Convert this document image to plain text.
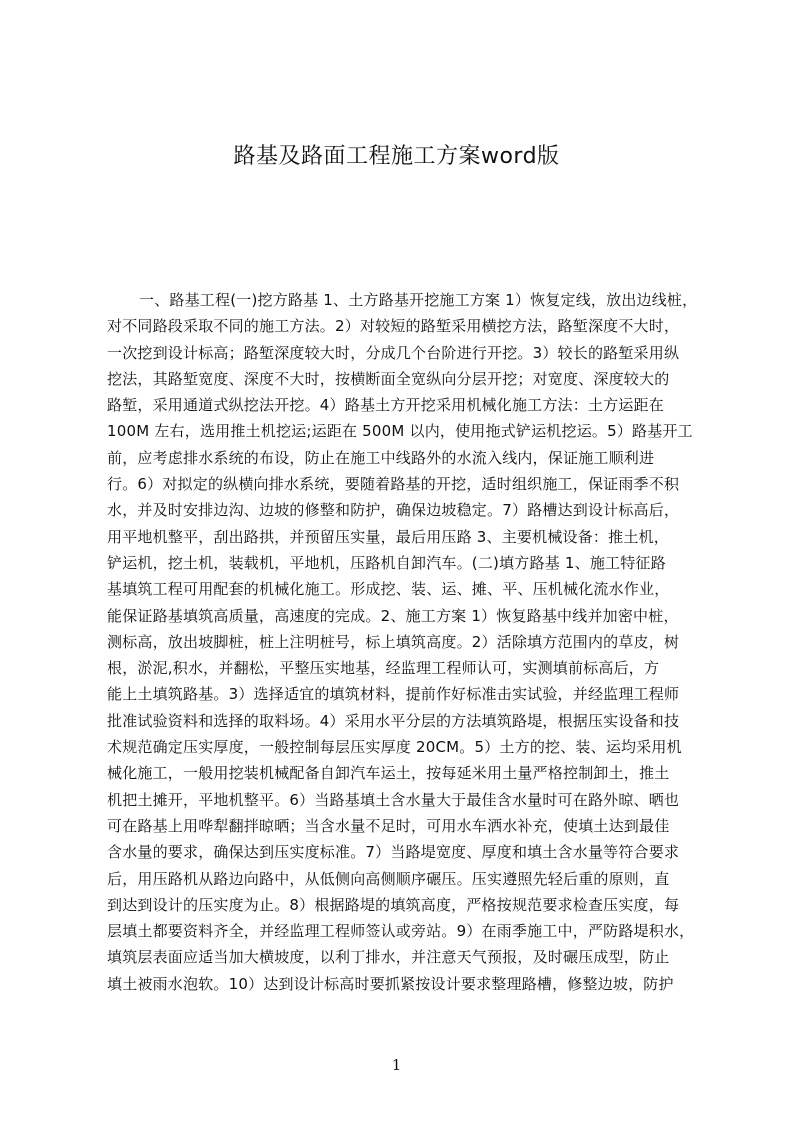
路基及路面工程施工方案word版
一、路基工程(一)挖方路基 1、土方路基开挖施工方案 1）恢复定线，放出边线桩，
对不同路段采取不同的施工方法。2）对较短的路堑采用横挖方法，路堑深度不大时，
一次挖到设计标高；路堑深度较大时，分成几个台阶进行开挖。3）较长的路堑采用纵
挖法，其路堑宽度、深度不大时，按横断面全宽纵向分层开挖；对宽度、深度较大的
路堑，采用通道式纵挖法开挖。4）路基土方开挖采用机械化施工方法：土方运距在
100M 左右，选用推土机挖运;运距在 500M 以内，使用拖式铲运机挖运。5）路基开工
前，应考虑排水系统的布设，防止在施工中线路外的水流入线内，保证施工顺利进
行。6）对拟定的纵横向排水系统，要随着路基的开挖，适时组织施工，保证雨季不积
水，并及时安排边沟、边坡的修整和防护，确保边坡稳定。7）路槽达到设计标高后，
用平地机整平，刮出路拱，并预留压实量，最后用压路 3、主要机械设备：推土机，
铲运机，挖土机，装载机，平地机，压路机自卸汽车。(二)填方路基 1、施工特征路
基填筑工程可用配套的机械化施工。形成挖、装、运、摊、平、压机械化流水作业，
能保证路基填筑高质量，高速度的完成。2、施工方案 1）恢复路基中线并加密中桩，
测标高，放出坡脚桩，桩上注明桩号，标上填筑高度。2）活除填方范围内的草皮，树
根，淤泥,积水，并翻松，平整压实地基，经监理工程师认可，实测填前标高后，方
能上土填筑路基。3）选择适宜的填筑材料，提前作好标准击实试验，并经监理工程师
批准试验资料和选择的取料场。4）采用水平分层的方法填筑路堤，根据压实设备和技
术规范确定压实厚度，一般控制每层压实厚度 20CM。5）土方的挖、装、运均采用机
械化施工，一般用挖装机械配备自卸汽车运土，按每延米用土量严格控制卸土，推土
机把土摊开，平地机整平。6）当路基填土含水量大于最佳含水量时可在路外晾、晒也
可在路基上用哗犁翻拌晾晒；当含水量不足时，可用水车洒水补充，使填土达到最佳
含水量的要求，确保达到压实度标准。7）当路堤宽度、厚度和填土含水量等符合要求
后，用压路机从路边向路中，从低侧向高侧顺序碾压。压实遵照先轻后重的原则，直
到达到设计的压实度为止。8）根据路堤的填筑高度，严格按规范要求检查压实度，每
层填土都要资料齐全，并经监理工程师签认或旁站。9）在雨季施工中，严防路堤积水，
填筑层表面应适当加大横坡度，以利丁排水，并注意天气预报，及时碾压成型，防止
填土被雨水泡软。10）达到设计标高时要抓紧按设计要求整理路槽，修整边坡，防护
1
